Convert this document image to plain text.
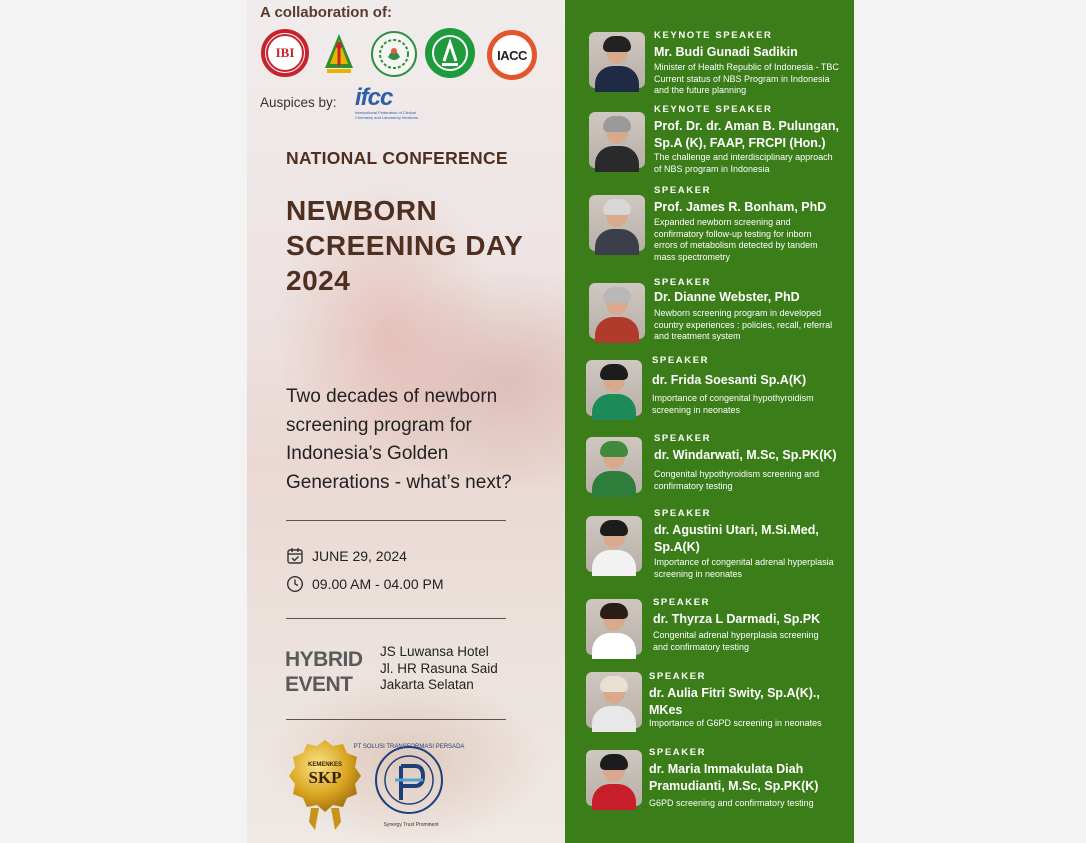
A collaboration of:
IBI	IACC
Auspices by: ifcc
International Federation of Clinical Chemistry and Laboratory Medicine
NATIONAL CONFERENCE
NEWBORN SCREENING DAY 2024
Two decades of newborn screening program for Indonesia’s Golden Generations - what’s next?
JUNE 29, 2024
09.00 AM - 04.00 PM
HYBRID EVENT
JS Luwansa Hotel
Jl. HR Rasuna Said
Jakarta Selatan
KEMENKES
SKP
PT SOLUSI TRANSFORMASI PERSADA
Synergy Trust Prominent
KEYNOTE SPEAKER
Mr. Budi Gunadi Sadikin
Minister of Health Republic of Indonesia - TBC
Current status of NBS Program in Indonesia
and the future planning
KEYNOTE SPEAKER
Prof. Dr. dr. Aman B. Pulungan,
Sp.A (K), FAAP, FRCPI (Hon.)
The challenge and interdisciplinary approach
of NBS program in Indonesia
SPEAKER
Prof. James R. Bonham, PhD
Expanded newborn screening and
confirmatory follow-up testing for inborn
errors of metabolism detected by tandem
mass spectrometry
SPEAKER
Dr. Dianne Webster, PhD
Newborn screening program in developed
country experiences : policies, recall, referral
and treatment system
SPEAKER
dr. Frida Soesanti Sp.A(K)
Importance of congenital hypothyroidism
screening in neonates
SPEAKER
dr. Windarwati, M.Sc, Sp.PK(K)
Congenital hypothyroidism screening and
confirmatory testing
SPEAKER
dr. Agustini Utari, M.Si.Med,
Sp.A(K)
Importance of congenital adrenal hyperplasia
screening in neonates
SPEAKER
dr. Thyrza L Darmadi, Sp.PK
Congenital adrenal hyperplasia screening
and confirmatory testing
SPEAKER
dr. Aulia Fitri Swity, Sp.A(K).,
MKes
Importance of G6PD screening in neonates
SPEAKER
dr. Maria Immakulata Diah
Pramudianti, M.Sc, Sp.PK(K)
G6PD screening and confirmatory testing
